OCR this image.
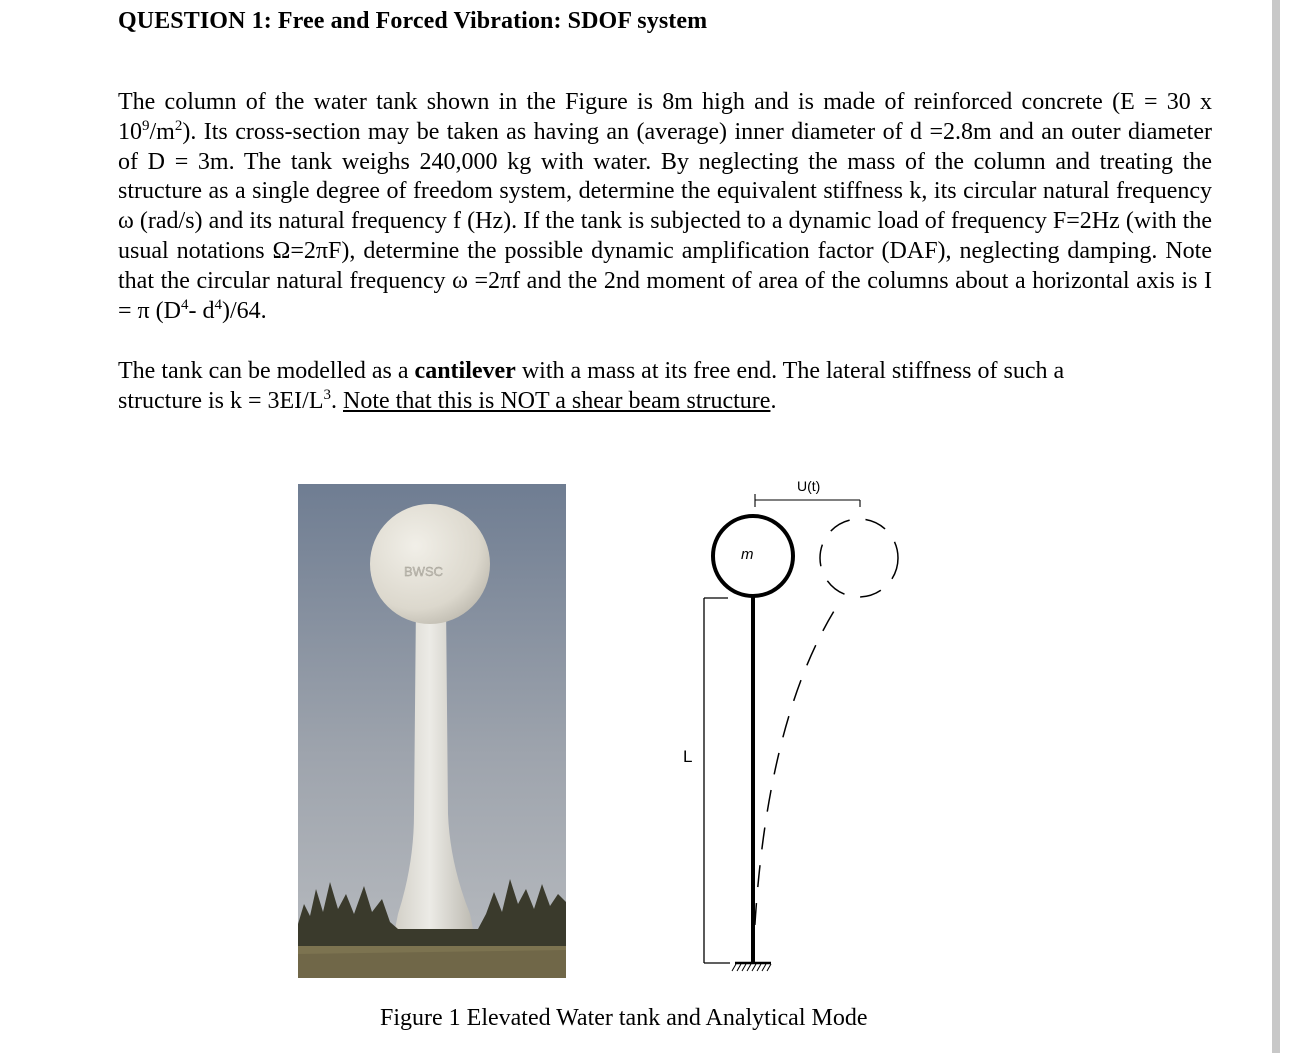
QUESTION 1: Free and Forced Vibration: SDOF system

The column of the water tank shown in the Figure is 8m high and is made of reinforced concrete (E = 30 x $10^9/m^2$). Its cross-section may be taken as having an (average) inner diameter of d =2.8m and an outer diameter of D = 3m. The tank weighs 240,000 kg with water. By neglecting the mass of the column and treating the structure as a single degree of freedom system, determine the equivalent stiffness k, its circular natural frequency ω (rad/s) and its natural frequency f (Hz). If the tank is subjected to a dynamic load of frequency F=2Hz (with the usual notations Ω=2πF), determine the possible dynamic amplification factor (DAF), neglecting damping. Note that the circular natural frequency ω =2πf and the 2nd moment of area of the columns about a horizontal axis is I = π ($D^4-$ $d^4)/64$.

The tank can be modelled as a cantilever with a mass at its free end. The lateral stiffness of such a structure is $k = 3EI/L^3$. Note that this is NOT a shear beam structure.

BWSC
L
m
U(t)
Figure 1 Elevated Water tank and Analytical Mode
